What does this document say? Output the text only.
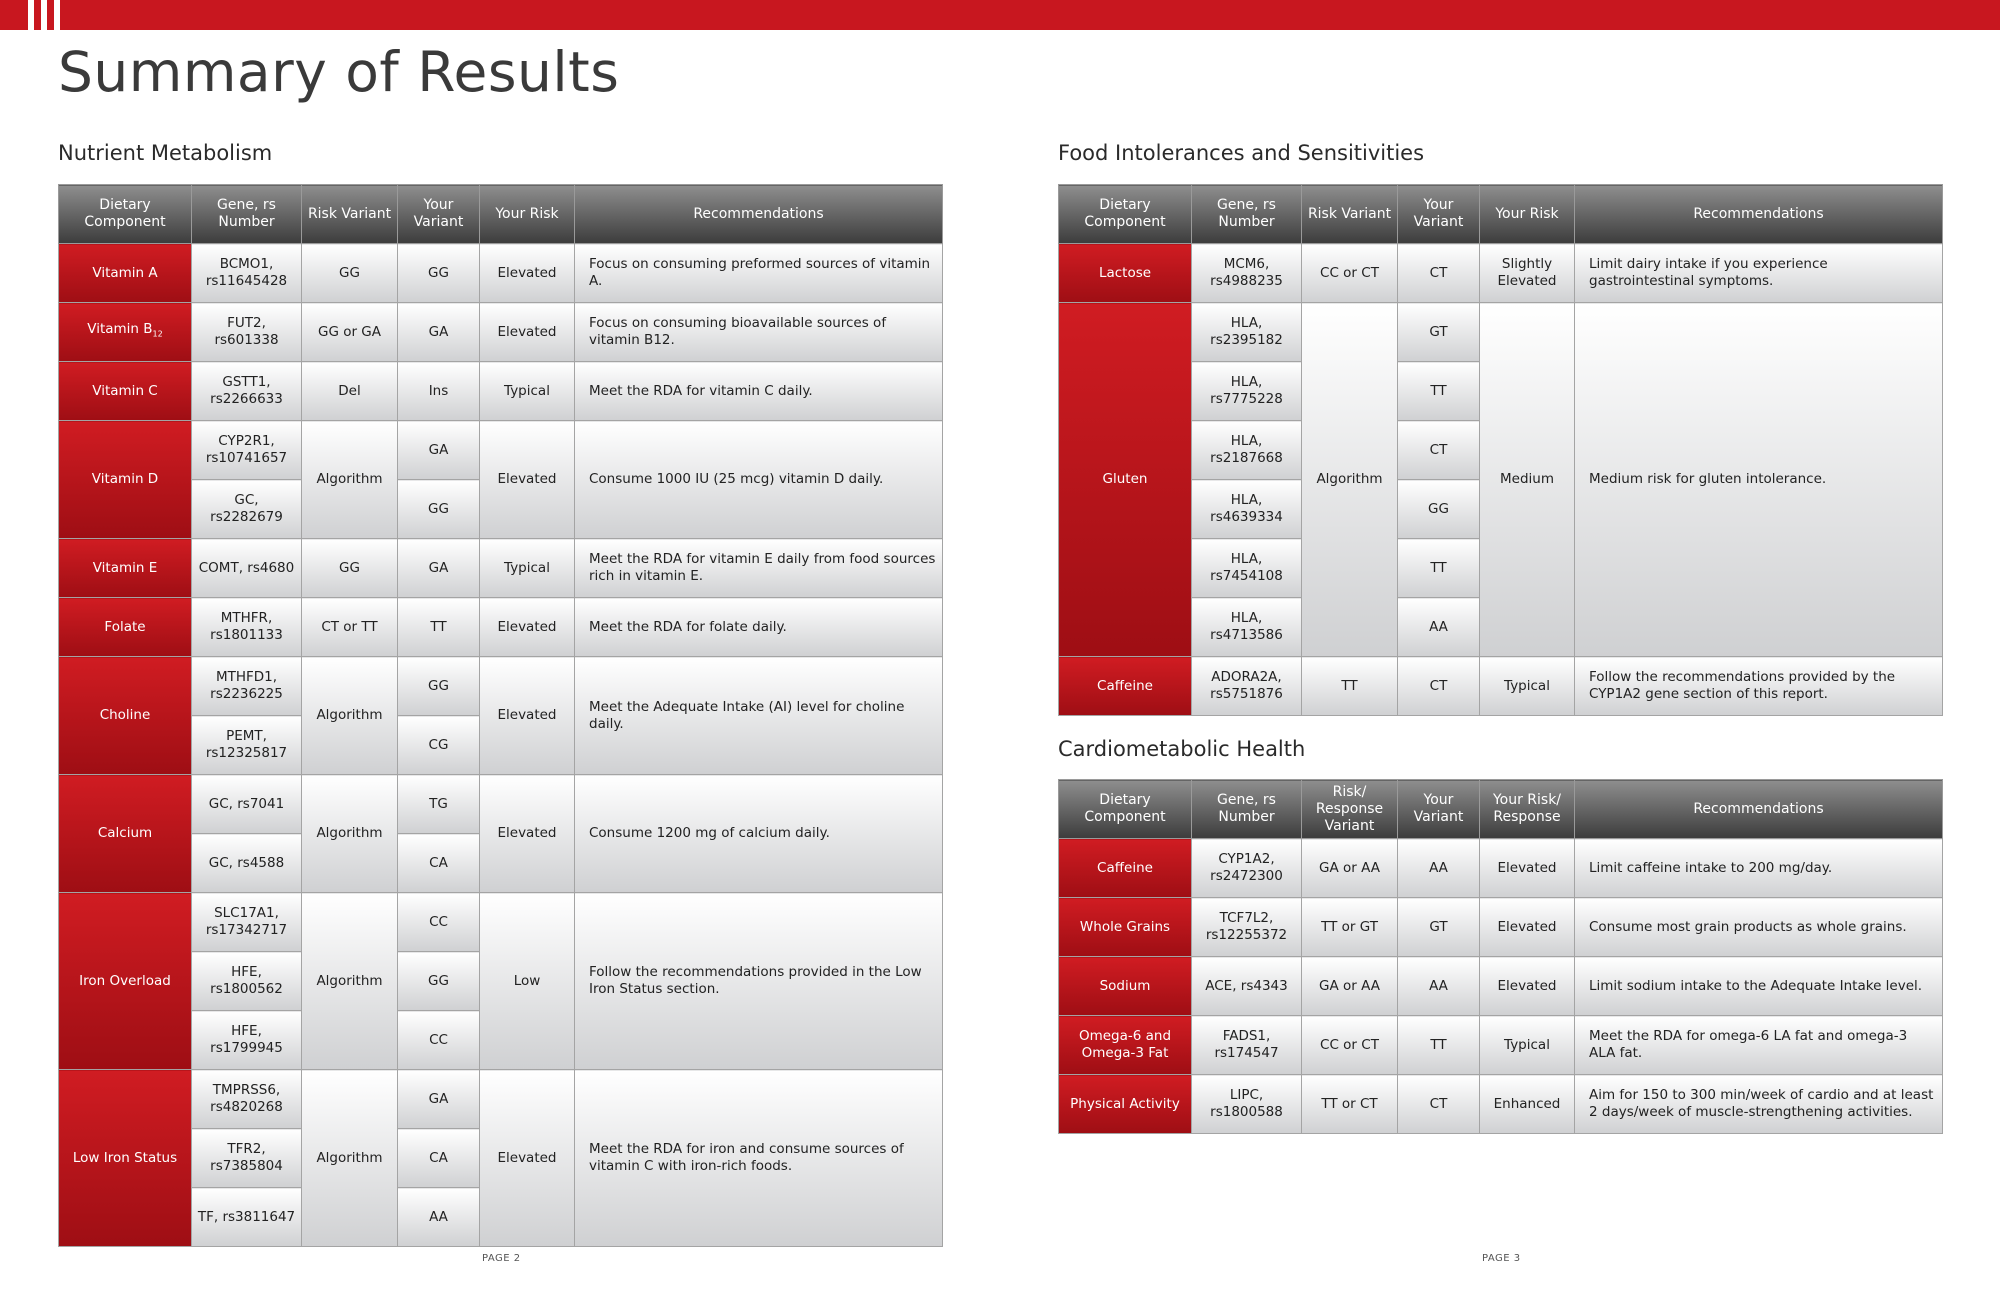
Summary of Results
Nutrient Metabolism
Dietary Component	Gene, rs Number	Risk Variant	Your Variant	Your Risk	Recommendations
Vitamin A	BCMO1, rs11645428	GG	GG	Elevated	Focus on consuming preformed sources of vitamin A.
Vitamin $B_{12}$	FUT2, rs601338	GG or GA	GA	Elevated	Focus on consuming bioavailable sources of vitamin B12.
Vitamin C	GSTT1, rs2266633	Del	Ins	Typical	Meet the RDA for vitamin C daily.
Vitamin D	CYP2R1, rs10741657	Algorithm	GA	Elevated	Consume 1000 IU (25 mcg) vitamin D daily.
	GC, rs2282679		GG		
Vitamin E	COMT, rs4680	GG	GA	Typical	Meet the RDA for vitamin E daily from food sources rich in vitamin E.
Folate	MTHFR, rs1801133	CT or TT	TT	Elevated	Meet the RDA for folate daily.
Choline	MTHFD1, rs2236225	Algorithm	GG	Elevated	Meet the Adequate Intake (AI) level for choline daily.
	PEMT, rs12325817		CG		
Calcium	GC, rs7041	Algorithm	TG	Elevated	Consume 1200 mg of calcium daily.
	GC, rs4588		CA		
Iron Overload	SLC17A1, rs17342717	Algorithm	CC	Low	Follow the recommendations provided in the Low Iron Status section.
	HFE, rs1800562		GG		
	HFE, rs1799945		CC		
Low Iron Status	TMPRSS6, rs4820268	Algorithm	GA	Elevated	Meet the RDA for iron and consume sources of vitamin C with iron-rich foods.
	TFR2, rs7385804		CA		
	TF, rs3811647		AA		
Food Intolerances and Sensitivities
Dietary Component	Gene, rs Number	Risk Variant	Your Variant	Your Risk	Recommendations
Lactose	MCM6, rs4988235	CC or CT	CT	Slightly Elevated	Limit dairy intake if you experience gastrointestinal symptoms.
Gluten	HLA, rs2395182	Algorithm	GT	Medium	Medium risk for gluten intolerance.
	HLA, rs7775228		TT		
	HLA, rs2187668		CT		
	HLA, rs4639334		GG		
	HLA, rs7454108		TT		
	HLA, rs4713586		AA		
Caffeine	ADORA2A, rs5751876	TT	CT	Typical	Follow the recommendations provided by the CYP1A2 gene section of this report.
Cardiometabolic Health
Dietary Component	Gene, rs Number	Risk/ Response Variant	Your Variant	Your Risk/ Response	Recommendations
Caffeine	CYP1A2, rs2472300	GA or AA	AA	Elevated	Limit caffeine intake to 200 mg/day.
Whole Grains	TCF7L2, rs12255372	TT or GT	GT	Elevated	Consume most grain products as whole grains.
Sodium	ACE, rs4343	GA or AA	AA	Elevated	Limit sodium intake to the Adequate Intake level.
Omega-6 and Omega-3 Fat	FADS1, rs174547	CC or CT	TT	Typical	Meet the RDA for omega-6 LA fat and omega-3 ALA fat.
Physical Activity	LIPC, rs1800588	TT or CT	CT	Enhanced	Aim for 150 to 300 min/week of cardio and at least 2 days/week of muscle-strengthening activities.
PAGE 2	PAGE 3
